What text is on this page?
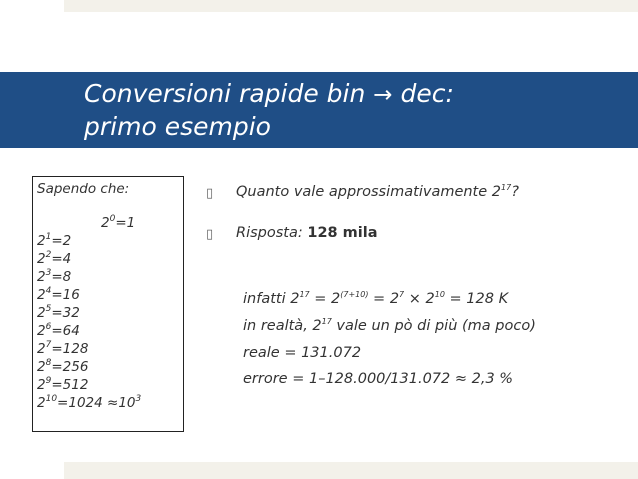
Conversioni rapide bin → dec:
primo esempio
Sapendo che:
$2^0=1$
$2^1=2$
$2^2=4$
$2^3=8$
$2^4=16$
$2^5=32$
$2^6=64$
$2^7=128$
$2^8=256$
$2^9=512$
$2^{10}=1024 \approx 10^3$
▯ Quanto vale approssimativamente $2^{17}$?
▯ Risposta: 128 mila
infatti $2^{17} = 2^{(7+10)} = 2^7 \times 2^{10} = 128$ K
in realtà, $2^{17}$ vale un pò di più (ma poco)
reale = 131.072
errore = 1–128.000/131.072 ≈ 2,3 %
